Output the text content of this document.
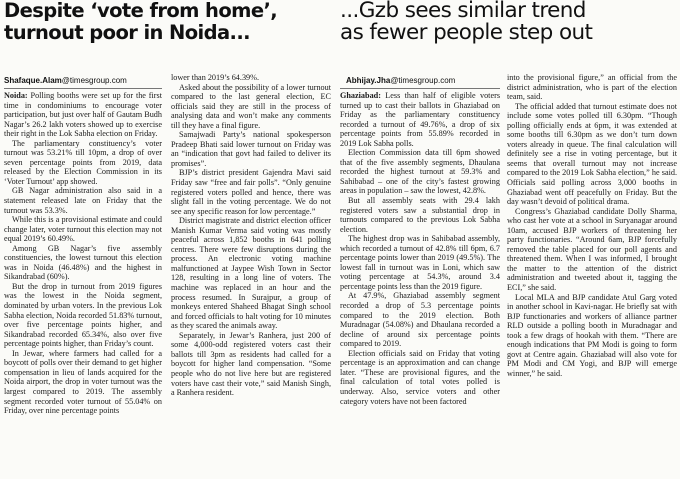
Despite ‘vote from home’,
turnout poor in Noida...
...Gzb sees similar trend
as fewer people step out
Shafaque.Alam@timesgroup.com	Abhijay.Jha@timesgroup.com

Noida: Polling booths were set up for the first time in condominiums to encourage voter participation, but just over half of Gautam Budh Nagar’s 26.2 lakh voters showed up to exercise their right in the Lok Sabha election on Friday.

The parliamentary constituency’s voter turnout was 53.21% till 10pm, a drop of over seven percentage points from 2019, data released by the Election Commission in its ‘Voter Turnout’ app showed.

GB Nagar administration also said in a statement released late on Friday that the turnout was 53.3%.

While this is a provisional estimate and could change later, voter turnout this election may not equal 2019’s 60.49%.

Among GB Nagar’s five assembly constituencies, the lowest turnout this election was in Noida (46.48%) and the highest in Sikandrabad (60%).

But the drop in turnout from 2019 figures was the lowest in the Noida segment, dominated by urban voters. In the previous Lok Sabha election, Noida recorded 51.83% turnout, over five percentage points higher, and Sikandrabad recorded 65.34%, also over five percentage points higher, than Friday’s count.

In Jewar, where farmers had called for a boycott of polls over their demand to get higher compensation in lieu of lands acquired for the Noida airport, the drop in voter turnout was the largest compared to 2019. The assembly segment recorded voter turnout of 55.04% on Friday, over nine percentage points

lower than 2019’s 64.39%.

Asked about the possibility of a lower turnout compared to the last general election, EC officials said they are still in the process of analysing data and won’t make any comments till they have a final figure.

Samajwadi Party’s national spokesperson Pradeep Bhati said lower turnout on Friday was an “indication that govt had failed to deliver its promises”.

BJP’s district president Gajendra Mavi said Friday saw “free and fair polls”. “Only genuine registered voters polled and hence, there was slight fall in the voting percentage. We do not see any specific reason for low percentage.”

District magistrate and district election officer Manish Kumar Verma said voting was mostly peaceful across 1,852 booths in 641 polling centres. There were few disruptions during the process. An electronic voting machine malfunctioned at Jaypee Wish Town in Sector 128, resulting in a long line of voters. The machine was replaced in an hour and the process resumed. In Surajpur, a group of monkeys entered Shaheed Bhagat Singh school and forced officials to halt voting for 10 minutes as they scared the animals away.

Separately, in Jewar’s Ranhera, just 200 of some 4,000-odd registered voters cast their ballots till 3pm as residents had called for a boycott for higher land compensation. “Some people who do not live here but are registered voters have cast their vote,” said Manish Singh, a Ranhera resident.

Ghaziabad: Less than half of eligible voters turned up to cast their ballots in Ghaziabad on Friday as the parliamentary constituency recorded a turnout of 49.76%, a drop of six percentage points from 55.89% recorded in 2019 Lok Sabha polls.

Election Commission data till 6pm showed that of the five assembly segments, Dhaulana recorded the highest turnout at 59.3% and Sahibabad – one of the city’s fastest growing areas in population – saw the lowest, 42.8%.

But all assembly seats with 29.4 lakh registered voters saw a substantial drop in turnouts compared to the previous Lok Sabha election.

The highest drop was in Sahibabad assembly, which recorded a turnout of 42.8% till 6pm, 6.7 percentage points lower than 2019 (49.5%). The lowest fall in turnout was in Loni, which saw voting percentage at 54.3%, around 3.4 percentage points less than the 2019 figure.

At 47.9%, Ghaziabad assembly segment recorded a drop of 5.3 percentage points compared to the 2019 election. Both Muradnagar (54.08%) and Dhaulana recorded a decline of around six percentage points compared to 2019.

Election officials said on Friday that voting percentage is an approximation and can change later. “These are provisional figures, and the final calculation of total votes polled is underway. Also, service voters and other category voters have not been factored

into the provisional figure,” an official from the district administration, who is part of the election team, said.

The official added that turnout estimate does not include some votes polled till 6.30pm. “Though polling officially ends at 6pm, it was extended at some booths till 6.30pm as we don’t turn down voters already in queue. The final calculation will definitely see a rise in voting percentage, but it seems that overall turnout may not increase compared to the 2019 Lok Sabha election,” he said. Officials said polling across 3,000 booths in Ghaziabad went off peacefully on Friday. But the day wasn’t devoid of political drama.

Congress’s Ghaziabad candidate Dolly Sharma, who cast her vote at a school in Suryanagar around 10am, accused BJP workers of threatening her party functionaries. “Around 6am, BJP forcefully removed the table placed for our poll agents and threatened them. When I was informed, I brought the matter to the attention of the district administration and tweeted about it, tagging the ECI,” she said.

Local MLA and BJP candidate Atul Garg voted in another school in Kavi-nagar. He briefly sat with BJP functionaries and workers of alliance partner RLD outside a polling booth in Muradnagar and took a few drags of hookah with them. “There are enough indications that PM Modi is going to form govt at Centre again. Ghaziabad will also vote for PM Modi and CM Yogi, and BJP will emerge winner,” he said.
